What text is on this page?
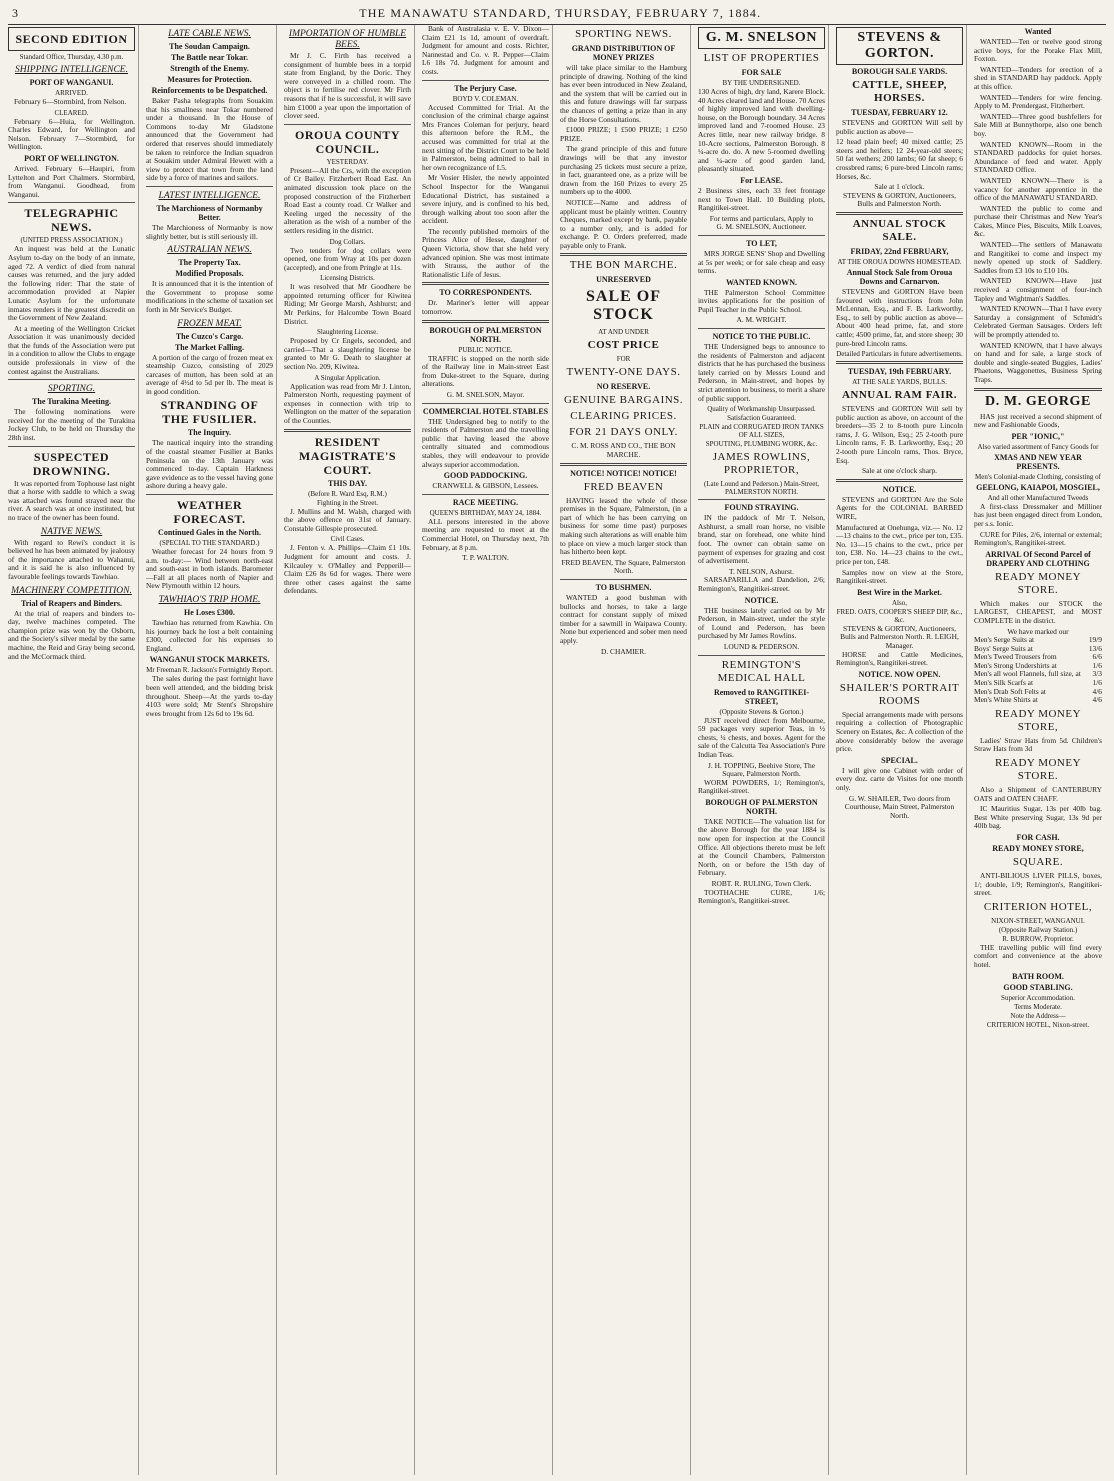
3	THE MANAWATU STANDARD, THURSDAY, FEBRUARY 7, 1884.
SECOND EDITION
Standard Office, Thursday, 4.30 p.m.
SHIPPING INTELLIGENCE.
PORT OF WANGANUI.
ARRIVED.

February 6—Stormbird, from Nelson.

CLEARED.

February 6—Huia, for Wellington. Charles Edward, for Wellington and Nelson. February 7—Stormbird, for Wellington.

PORT OF WELLINGTON.

Arrived. February 6—Haupiri, from Lyttelton and Port Chalmers. Stormbird, from Wanganui. Goodhead, from Wanganui.

TELEGRAPHIC NEWS.
(UNITED PRESS ASSOCIATION.)

An inquest was held at the Lunatic Asylum to-day on the body of an inmate, aged 72. A verdict of died from natural causes was returned, and the jury added the following rider: That the state of accommodation provided at Napier Lunatic Asylum for the unfortunate inmates renders it the greatest discredit on the Government of New Zealand.

At a meeting of the Wellington Cricket Association it was unanimously decided that the funds of the Association were put in a condition to allow the Clubs to engage outside professionals in view of the contest against the Australians.

SPORTING.
The Turakina Meeting.

The following nominations were received for the meeting of the Turakina Jockey Club, to be held on Thursday the 28th inst.

SUSPECTED DROWNING.

It was reported from Tophouse last night that a horse with saddle to which a swag was attached was found strayed near the river. A search was at once instituted, but no trace of the owner has been found.

NATIVE NEWS.

With regard to Rewi's conduct it is believed he has been animated by jealousy of the importance attached to Wahanui, and it is said he is also influenced by favourable feelings towards Tawhiao.

MACHINERY COMPETITION.
Trial of Reapers and Binders.

At the trial of reapers and binders to-day, twelve machines competed. The champion prize was won by the Osborn, and the Society's silver medal by the same machine, the Reid and Gray being second, and the McCormack third.

LATE CABLE NEWS.
The Soudan Campaign.
The Battle near Tokar.
Strength of the Enemy.
Measures for Protection.
Reinforcements to be Despatched.

Baker Pasha telegraphs from Souakim that his smallness near Tokar numbered under a thousand. In the House of Commons to-day Mr Gladstone announced that the Government had ordered that reserves should immediately be taken to reinforce the Indian squadron at Souakim under Admiral Hewett with a view to protect that town from the land side by a force of marines and sailors.

LATEST INTELLIGENCE.
The Marchioness of Normanby Better.

The Marchioness of Normanby is now slightly better, but is still seriously ill.

AUSTRALIAN NEWS.
The Property Tax.
Modified Proposals.

It is announced that it is the intention of the Government to propose some modifications in the scheme of taxation set forth in Mr Service's Budget.

FROZEN MEAT.
The Cuzco's Cargo.
The Market Falling.

A portion of the cargo of frozen meat ex steamship Cuzco, consisting of 2029 carcases of mutton, has been sold at an average of 4½d to 5d per lb. The meat is in good condition.

STRANDING OF THE FUSILIER.
The Inquiry.

The nautical inquiry into the stranding of the coastal steamer Fusilier at Banks Peninsula on the 13th January was commenced to-day. Captain Harkness gave evidence as to the vessel having gone ashore during a heavy gale.

WEATHER FORECAST.
Continued Gales in the North.
(SPECIAL TO THE STANDARD.)

Weather forecast for 24 hours from 9 a.m. to-day:— Wind between north-east and south-east in both islands. Barometer—Fall at all places north of Napier and New Plymouth within 12 hours.

TAWHIAO'S TRIP HOME.
He Loses £300.

Tawhiao has returned from Kawhia. On his journey back he lost a belt containing £300, collected for his expenses to England.

WANGANUI STOCK MARKETS.
Mr Freeman R. Jackson's Fortnightly Report.

The sales during the past fortnight have been well attended, and the bidding brisk throughout. Sheep—At the yards to-day 4103 were sold; Mr Stent's Shropshire ewes brought from 12s 6d to 19s 6d.

IMPORTATION OF HUMBLE BEES.

Mr J. C. Firth has received a consignment of humble bees in a torpid state from England, by the Doric. They were conveyed in a chilled room. The object is to fertilise red clover. Mr Firth reasons that if he is successful, it will save him £1000 a year upon the importation of clover seed.

OROUA COUNTY COUNCIL.
YESTERDAY.

Present—All the Crs, with the exception of Cr Bailey. Fitzherbert Road East. An animated discussion took place on the proposed construction of the Fitzherbert Road East a county road. Cr Walker and Keeling urged the necessity of the alteration as the wish of a number of the settlers residing in the district.

Dog Collars.

Two tenders for dog collars were opened, one from Wray at 10s per dozen (accepted), and one from Pringle at 11s.

Licensing Districts.

It was resolved that Mr Goodhere be appointed returning officer for Kiwitea Riding; Mr George Marsh, Ashhurst; and Mr Perkins, for Halcombe Town Board District.

Slaughtering License.

Proposed by Cr Engels, seconded, and carried—That a slaughtering license be granted to Mr G. Death to slaughter at section No. 209, Kiwitea.

A Singular Application.

Application was read from Mr J. Linton, Palmerston North, requesting payment of expenses in connection with trip to Wellington on the matter of the separation of the Counties.

RESIDENT MAGISTRATE'S COURT.
THIS DAY.
(Before R. Ward Esq, R.M.)
Fighting in the Street.

J. Mullins and M. Walsh, charged with the above offence on 31st of January. Constable Gillespie prosecuted.

Civil Cases.

J. Fenton v. A. Phillips—Claim £1 10s. Judgment for amount and costs. J. Kilcauley v. O'Malley and Pepperill—Claim £26 8s 6d for wages. There were three other cases against the same defendants.

Bank of Australasia v. E. V. Dixon—Claim £21 1s 1d, amount of overdraft. Judgment for amount and costs. Richter, Nannestad and Co. v. R. Pepper—Claim L6 18s 7d. Judgment for amount and costs.

The Perjury Case.
BOYD V. COLEMAN.

Accused Committed for Trial. At the conclusion of the criminal charge against Mrs Frances Coleman for perjury, heard this afternoon before the R.M., the accused was committed for trial at the next sitting of the District Court to be held in Palmerston, being admitted to bail in her own recognizance of L5.

Mr Vosier Hisler, the newly appointed School Inspector for the Wanganui Educational District, has sustained a severe injury, and is confined to his bed, through walking about too soon after the accident.

The recently published memoirs of the Princess Alice of Hesse, daughter of Queen Victoria, show that she held very advanced opinion. She was most intimate with Strauss, the author of the Rationalistic Life of Jesus.

TO CORRESPONDENTS.

Dr. Mariner's letter will appear tomorrow.

BOROUGH OF PALMERSTON NORTH.
PUBLIC NOTICE.

TRAFFIC is stopped on the north side of the Railway line in Main-street East from Duke-street to the Square, during alterations.

G. M. SNELSON, Mayor.
COMMERCIAL HOTEL STABLES

THE Undersigned beg to notify to the residents of Palmerston and the travelling public that having leased the above centrally situated and commodious stables, they will endeavour to provide always superior accommodation.

GOOD PADDOCKING.
CRANWELL & GIBSON, Lessees.
RACE MEETING.
QUEEN'S BIRTHDAY, MAY 24, 1884.

ALL persons interested in the above meeting are requested to meet at the Commercial Hotel, on Thursday next, 7th February, at 8 p.m.

T. P. WALTON.
SPORTING NEWS.
GRAND DISTRIBUTION OF MONEY PRIZES

will take place similar to the Hamburg principle of drawing. Nothing of the kind has ever been introduced in New Zealand, and the system that will be carried out in this and future drawings will far surpass the chances of getting a prize than in any of the Horse Consultations.

£1000 PRIZE; 1 £500 PRIZE; 1 £250 PRIZE.

The grand principle of this and future drawings will be that any investor purchasing 25 tickets must secure a prize, in fact, guaranteed one, as a prize will be drawn from the 160 Prizes to every 25 numbers up to the 4000.

NOTICE—Name and address of applicant must be plainly written. Country Cheques, marked except by bank, payable to a number only, and is added for exchange. P. O. Orders preferred, made payable only to Frank.

THE BON MARCHE.
UNRESERVED
SALE OF STOCK
AT AND UNDER
COST PRICE
FOR
TWENTY-ONE DAYS.
NO RESERVE.
GENUINE BARGAINS.
CLEARING PRICES.
FOR 21 DAYS ONLY.
C. M. ROSS AND CO., THE BON MARCHE.
NOTICE! NOTICE! NOTICE!
FRED BEAVEN

HAVING leased the whole of those premises in the Square, Palmerston, (in a part of which he has been carrying on business for some time past) purposes making such alterations as will enable him to place on view a much larger stock than has hitherto been kept.

FRED BEAVEN, The Square, Palmerston North.
TO BUSHMEN.

WANTED a good bushman with bullocks and horses, to take a large contract for constant supply of mixed timber for a sawmill in Waipawa County. None but experienced and sober men need apply.

D. CHAMIER.
G. M. SNELSON
LIST OF PROPERTIES
FOR SALE
BY THE UNDERSIGNED.

130 Acres of high, dry land, Karere Block. 40 Acres cleared land and House. 70 Acres of highly improved land with dwelling-house, on the Borough boundary. 34 Acres improved land and 7-roomed House. 23 Acres little, near new railway bridge. 8 10-Acre sections, Palmerston Borough. 8 ¼-acre do. do. A new 5-roomed dwelling and ¼-acre of good garden land, pleasantly situated.

For LEASE.

2 Business sites, each 33 feet frontage next to Town Hall. 10 Building plots, Rangitikei-street.

For terms and particulars, Apply to
G. M. SNELSON, Auctioneer.
TO LET,

MRS JORGE SENS' Shop and Dwelling at 5s per week; or for sale cheap and easy terms.

WANTED KNOWN.

THE Palmerston School Committee invites applications for the position of Pupil Teacher in the Public School.

A. M. WRIGHT.
NOTICE TO THE PUBLIC.

THE Undersigned begs to announce to the residents of Palmerston and adjacent districts that he has purchased the business lately carried on by Messrs Lound and Pederson, in Main-street, and hopes by strict attention to business, to merit a share of public support.

Quality of Workmanship Unsurpassed.
Satisfaction Guaranteed.
PLAIN and CORRUGATED IRON TANKS OF ALL SIZES,
SPOUTING, PLUMBING WORK, &c.
JAMES ROWLINS, PROPRIETOR,
(Late Lound and Pederson.) Main-Street, PALMERSTON NORTH.
FOUND STRAYING.

IN the paddock of Mr T. Nelson, Ashhurst, a small roan horse, no visible brand, star on forehead, one white hind foot. The owner can obtain same on payment of expenses for grazing and cost of advertisement.

T. NELSON, Ashurst.

SARSAPARILLA and Dandelion, 2/6; Remington's, Rangitikei-street.

NOTICE.

THE business lately carried on by Mr Pederson, in Main-street, under the style of Lound and Pederson, has been purchased by Mr James Rowlins.

LOUND & PEDERSON.
REMINGTON'S MEDICAL HALL
Removed to RANGITIKEI-STREET,
(Opposite Stevens & Gorton.)

JUST received direct from Melbourne, 59 packages very superior Teas, in ½ chests, ¼ chests, and boxes. Agent for the sale of the Calcutta Tea Association's Pure Indian Teas.

J. H. TOPPING, Beehive Store, The Square, Palmerston North.

WORM POWDERS, 1/; Remington's, Rangitikei-street.

BOROUGH OF PALMERSTON NORTH.

TAKE NOTICE—The valuation list for the above Borough for the year 1884 is now open for inspection at the Council Office. All objections thereto must be left at the Council Chambers, Palmerston North, on or before the 15th day of February.

ROBT. R. RULING, Town Clerk.

TOOTHACHE CURE, 1/6; Remington's, Rangitikei-street.

STEVENS & GORTON.
BOROUGH SALE YARDS.
CATTLE, SHEEP, HORSES.
TUESDAY, FEBRUARY 12.

STEVENS and GORTON Will sell by public auction as above—

12 head plain beef; 40 mixed cattle; 25 steers and heifers; 12 24-year-old steers; 50 fat wethers; 200 lambs; 60 fat sheep; 6 crossbred rams; 6 pure-bred Lincoln rams; Horses, &c.

Sale at 1 o'clock.
STEVENS & GORTON, Auctioneers, Bulls and Palmerston North.
ANNUAL STOCK SALE.
FRIDAY, 22nd FEBRUARY,
AT THE OROUA DOWNS HOMESTEAD.
Annual Stock Sale from Oroua Downs and Carnarvon.

STEVENS and GORTON Have been favoured with instructions from John McLennan, Esq., and F. B. Larkworthy, Esq., to sell by public auction as above—About 400 head prime, fat, and store cattle; 4500 prime, fat, and store sheep; 30 pure-bred Lincoln rams.

Detailed Particulars in future advertisements.
TUESDAY, 19th FEBRUARY.
AT THE SALE YARDS, BULLS.
ANNUAL RAM FAIR.

STEVENS and GORTON Will sell by public auction as above, on account of the breeders—35 2 to 8-tooth pure Lincoln rams, J. G. Wilson, Esq.; 25 2-tooth pure Lincoln rams, F. B. Larkworthy, Esq.; 20 2-tooth pure Lincoln rams, Thos. Bryce, Esq.

Sale at one o'clock sharp.
NOTICE.

STEVENS and GORTON Are the Sole Agents for the COLONIAL BARBED WIRE,

Manufactured at Onehunga, viz.— No. 12—13 chains to the cwt., price per ton, £35. No. 13—15 chains to the cwt., price per ton, £38. No. 14—23 chains to the cwt., price per ton, £48.

Samples now on view at the Store, Rangitikei-street.

Best Wire in the Market.
Also,
FRED. OATS, COOPER'S SHEEP DIP, &c., &c.
STEVENS & GORTON, Auctioneers, Bulls and Palmerston North. R. LEIGH, Manager.

HORSE and Cattle Medicines, Remington's, Rangitikei-street.

NOTICE. NOW OPEN.
SHAILER'S PORTRAIT ROOMS

Special arrangements made with persons requiring a collection of Photographic Scenery on Estates, &c. A collection of the above considerably below the average price.

SPECIAL.

I will give one Cabinet with order of every doz. carte de Visites for one month only.

G. W. SHAILER, Two doors from Courthouse, Main Street, Palmerston North.
Wanted

WANTED—Ten or twelve good strong active boys, for the Porake Flax Mill, Foxton.

WANTED—Tenders for erection of a shed in STANDARD hay paddock. Apply at this office.

WANTED—Tenders for wire fencing. Apply to M. Prendergast, Fitzherbert.

WANTED—Three good bushfellers for Sale Mill at Bunnythorpe, also one bench boy.

WANTED KNOWN—Room in the STANDARD paddocks for quiet horses. Abundance of feed and water. Apply STANDARD Office.

WANTED KNOWN—There is a vacancy for another apprentice in the office of the MANAWATU STANDARD.

WANTED the public to come and purchase their Christmas and New Year's Cakes, Mince Pies, Biscuits, Milk Loaves, &c.

WANTED—The settlers of Manawatu and Rangitikei to come and inspect my newly opened up stock of Saddlery. Saddles from £3 10s to £10 10s.

WANTED KNOWN—Have just received a consignment of four-inch Tapley and Wightman's Saddles.

WANTED KNOWN—That I have every Saturday a consignment of Schmidt's Celebrated German Sausages. Orders left will be promptly attended to.

WANTED KNOWN, that I have always on hand and for sale, a large stock of double and single-seated Buggies, Ladies' Phaetons, Waggonettes, Business Spring Traps.

D. M. GEORGE

HAS just received a second shipment of new and Fashionable Goods,

PER "IONIC,"
Also varied assortment of Fancy Goods for
XMAS AND NEW YEAR PRESENTS.
Men's Colonial-made Clothing, consisting of
GEELONG, KAIAPOI, MOSGIEL,
And all other Manufactured Tweeds

A first-class Dressmaker and Milliner has just been engaged direct from London, per s.s. Ionic.

CURE for Piles, 2/6, internal or external; Remington's, Rangitikei-street.

ARRIVAL Of Second Parcel of DRAPERY AND CLOTHING
READY MONEY STORE.

Which makes our STOCK the LARGEST, CHEAPEST, and MOST COMPLETE in the district.

We have marked our
Men's Serge Suits at	19/9
Boys' Serge Suits at	13/6
Men's Tweed Trousers from	6/6
Men's Strong Undershirts at	1/6
Men's all wool Flannels, full size, at 3/3
Men's Silk Scarfs at	1/6
Men's Drab Soft Felts at	4/6
Men's White Shirts at	4/6
READY MONEY STORE,

Ladies' Straw Hats from 5d. Children's Straw Hats from 3d

READY MONEY STORE.

Also a Shipment of CANTERBURY OATS and OATEN CHAFF.

IC Mauritius Sugar, 13s per 40lb bag. Best White preserving Sugar, 13s 9d per 40lb bag.

FOR CASH.
READY MONEY STORE,
SQUARE.

ANTI-BILIOUS LIVER PILLS, boxes, 1/; double, 1/9; Remington's, Rangitikei-street.

CRITERION HOTEL,
NIXON-STREET, WANGANUI.
(Opposite Railway Station.)
R. BURROW, Proprietor.

THE travelling public will find every comfort and convenience at the above hotel.

BATH ROOM.
GOOD STABLING.
Superior Accommodation.
Terms Moderate.
Note the Address—
CRITERION HOTEL, Nixon-street.
